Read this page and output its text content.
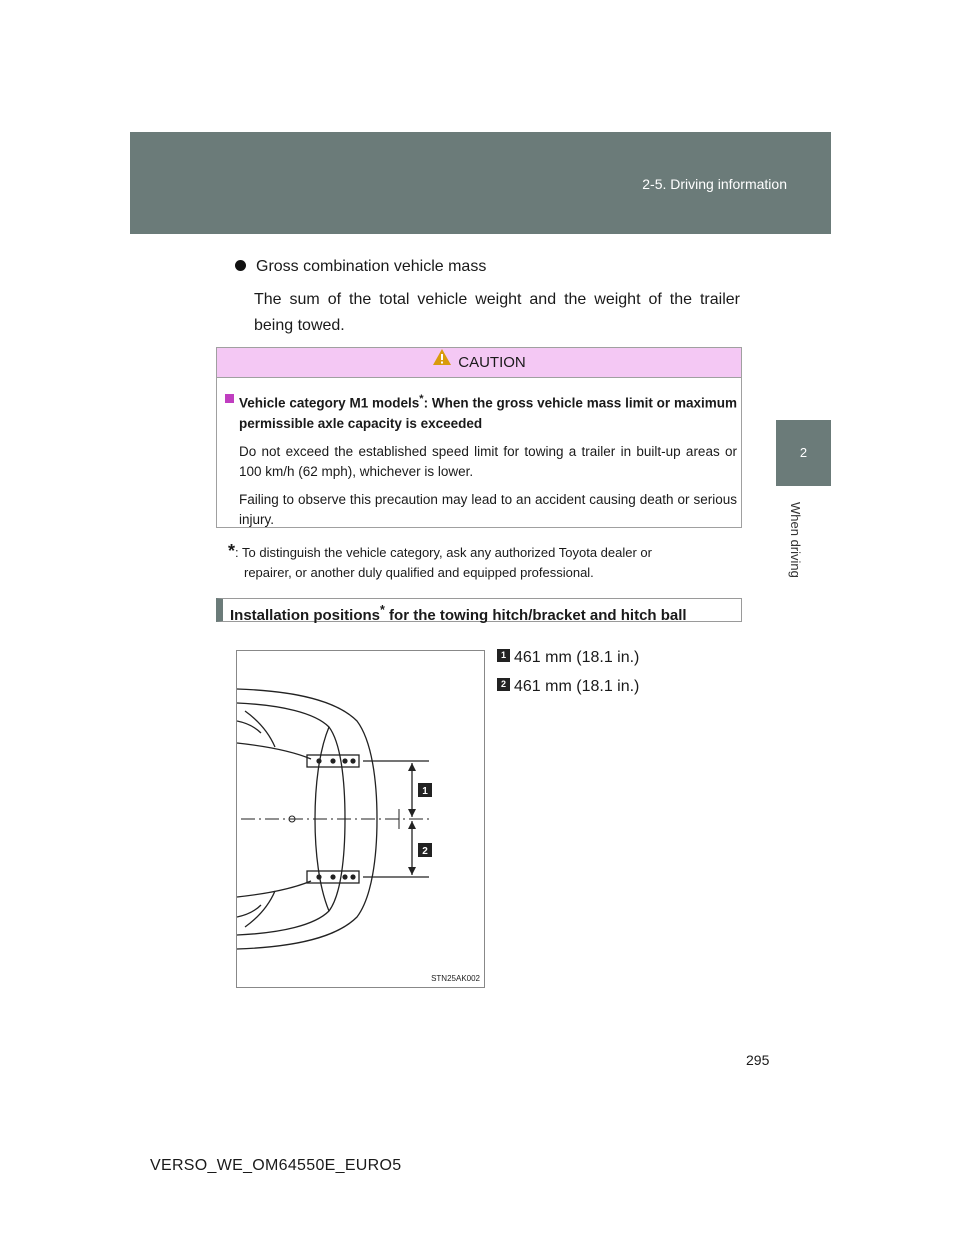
2-5. Driving information
2
When driving
Gross combination vehicle mass
The sum of the total vehicle weight and the weight of the trailer being towed.
CAUTION
Vehicle category M1 models*: When the gross vehicle mass limit or maximum permissible axle capacity is exceeded
Do not exceed the established speed limit for towing a trailer in built-up areas or 100 km/h (62 mph), whichever is lower.
Failing to observe this precaution may lead to an accident causing death or serious injury.
*: To distinguish the vehicle category, ask any authorized Toyota dealer or
repairer, or another duly qualified and equipped professional.
Installation positions* for the towing hitch/bracket and hitch ball
1
2
STN25AK002
1 461 mm (18.1 in.)
2 461 mm (18.1 in.)
295
VERSO_WE_OM64550E_EURO5
